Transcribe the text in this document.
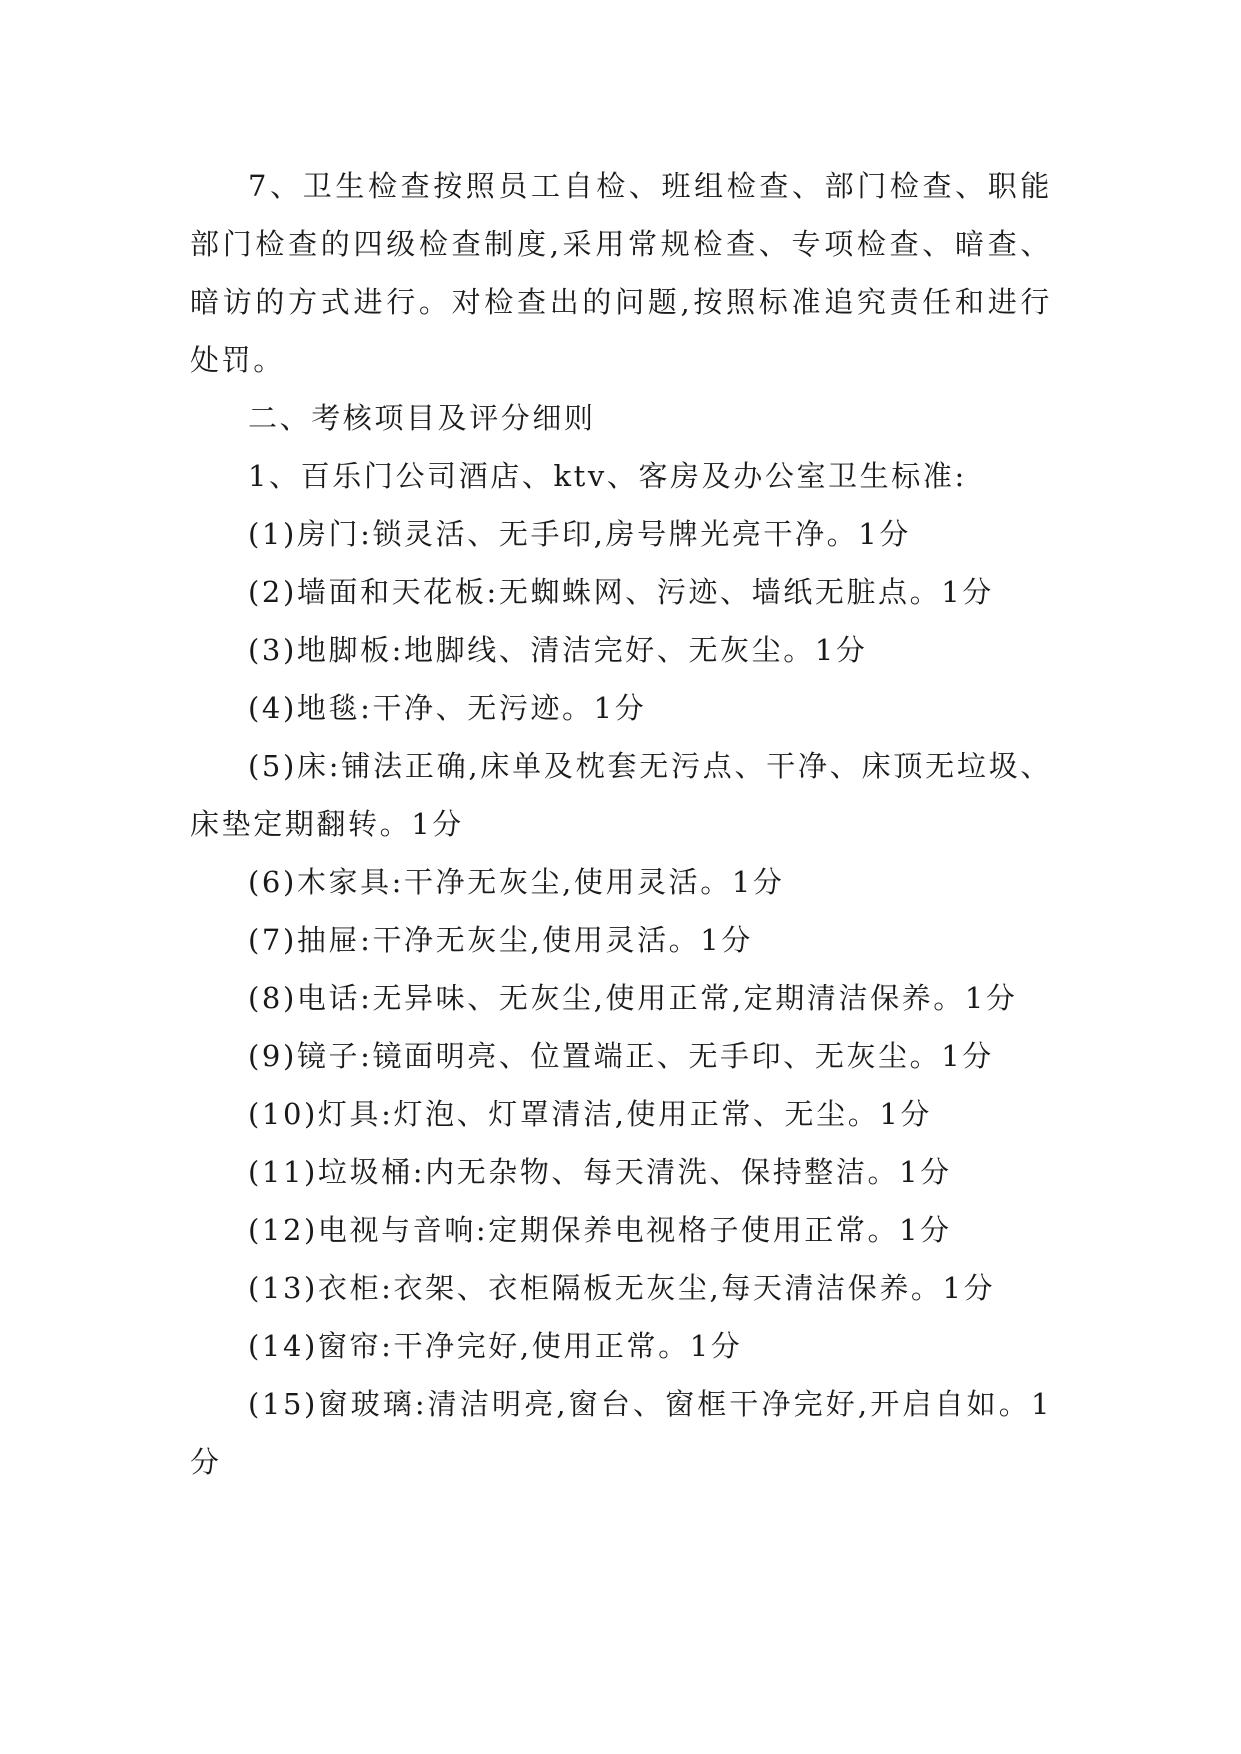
7、卫生检查按照员工自检、班组检查、部门检查、职能部门检查的四级检查制度,采用常规检查、专项检查、暗查、暗访的方式进行。对检查出的问题,按照标准追究责任和进行处罚。

二、考核项目及评分细则

1、百乐门公司酒店、ktv、客房及办公室卫生标准:

(1)房门:锁灵活、无手印,房号牌光亮干净。1分

(2)墙面和天花板:无蜘蛛网、污迹、墙纸无脏点。1分

(3)地脚板:地脚线、清洁完好、无灰尘。1分

(4)地毯:干净、无污迹。1分

(5)床:铺法正确,床单及枕套无污点、干净、床顶无垃圾、床垫定期翻转。1分

(6)木家具:干净无灰尘,使用灵活。1分

(7)抽屉:干净无灰尘,使用灵活。1分

(8)电话:无异味、无灰尘,使用正常,定期清洁保养。1分

(9)镜子:镜面明亮、位置端正、无手印、无灰尘。1分

(10)灯具:灯泡、灯罩清洁,使用正常、无尘。1分

(11)垃圾桶:内无杂物、每天清洗、保持整洁。1分

(12)电视与音响:定期保养电视格子使用正常。1分

(13)衣柜:衣架、衣柜隔板无灰尘,每天清洁保养。1分

(14)窗帘:干净完好,使用正常。1分

(15)窗玻璃:清洁明亮,窗台、窗框干净完好,开启自如。1分
